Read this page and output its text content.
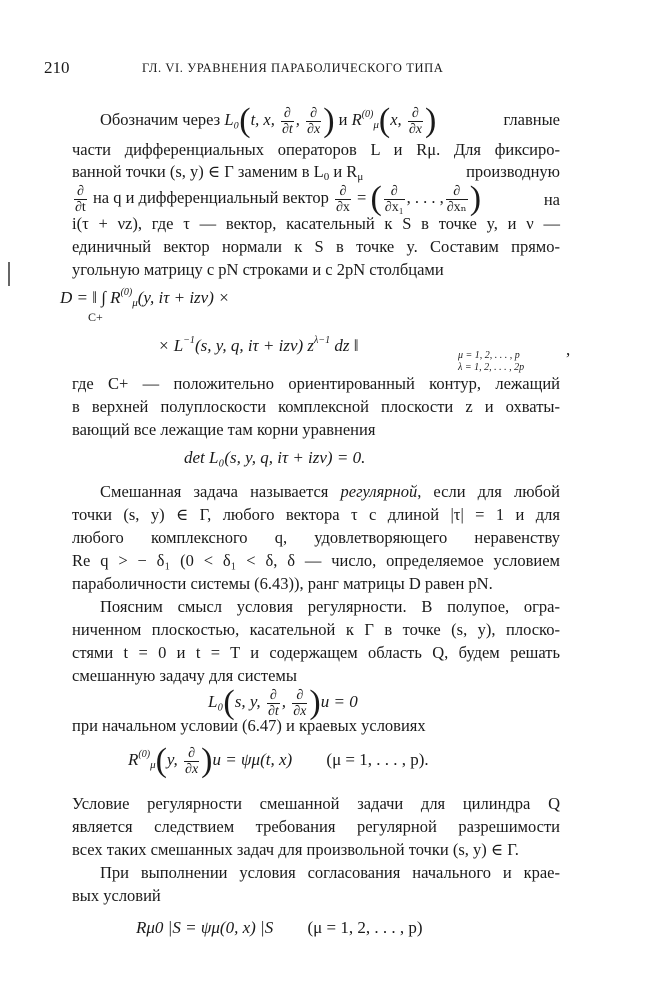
210	ГЛ. VI. УРАВНЕНИЯ ПАРАБОЛИЧЕСКОГО ТИПА
Обозначим через L₀(t, x, $\frac{\partial}{\partial t}$ , $\frac{\partial}{\partial x}$ ) и $R^{(0)}_\mu(x$, $\frac{\partial}{\partial x}$ )	главные
части дифференциальных операторов L и Rμ. Для фиксиро-
ванной точки (s, y) ∈ Γ заменим в $L_0$ и $R_\mu$	производную
$\frac{\partial}{\partial t}$ на q и дифференциальный вектор $\frac{\partial}{\partial x}$ = ( $\frac{\partial}{\text{∂x₁}}$ , . . . , $\frac{\partial}{\text{∂xₙ}}$ )	на
i(τ + νz), где τ — вектор, касательный к S в точке y, и ν —
единичный вектор нормали к S в точке y. Составим прямо-
угольную матрицу с pN строками и с 2pN столбцами
D = ‖ ∫ $R^{(0)}_\mu(y$, iτ + izν) ×
C+
× $L^{-1}(s$, y, q, iτ + izν) $z^{\lambda-1}$ dz ‖
μ = 1, 2, . . . , p
λ = 1, 2, . . . , 2p
,
где C+ — положительно ориентированный контур, лежащий
в верхней полуплоскости комплексной плоскости z и охваты-
вающий все лежащие там корни уравнения
det L₀(s, y, q, iτ + izν) = 0.
Смешанная задача называется регулярной, если для любой
точки (s, y) ∈ Γ, любого вектора τ с длиной |τ| = 1 и для
любого комплексного q, удовлетворяющего неравенству
Re q > − δ₁ (0 < δ₁ < δ, δ — число, определяемое условием
параболичности системы (6.43)), ранг матрицы D равен pN.
Поясним смысл условия регулярности. В полупое, огра-
ниченном плоскостью, касательной к Γ в точке (s, y), плоско-
стями t = 0 и t = T и содержащем область Q, будем решать
смешанную задачу для системы
L₀(s, y, $\frac{\partial}{\partial t}$ , $\frac{\partial}{\partial x} )u = 0$
при начальном условии (6.47) и краевых условиях
$R^{(0)}_\mu(y$, $\frac{\partial}{\partial x} )u = \psi\mu(t$, x) (μ = 1, . . . , p).
Условие регулярности смешанной задачи для цилиндра Q
является следствием требования регулярной разрешимости
всех таких смешанных задач для произвольной точки (s, y) ∈ Γ.
При выполнении условия согласования начального и крае-
вых условий
Rμ0 |S = ψμ(0, x) |S (μ = 1, 2, . . . , p)
